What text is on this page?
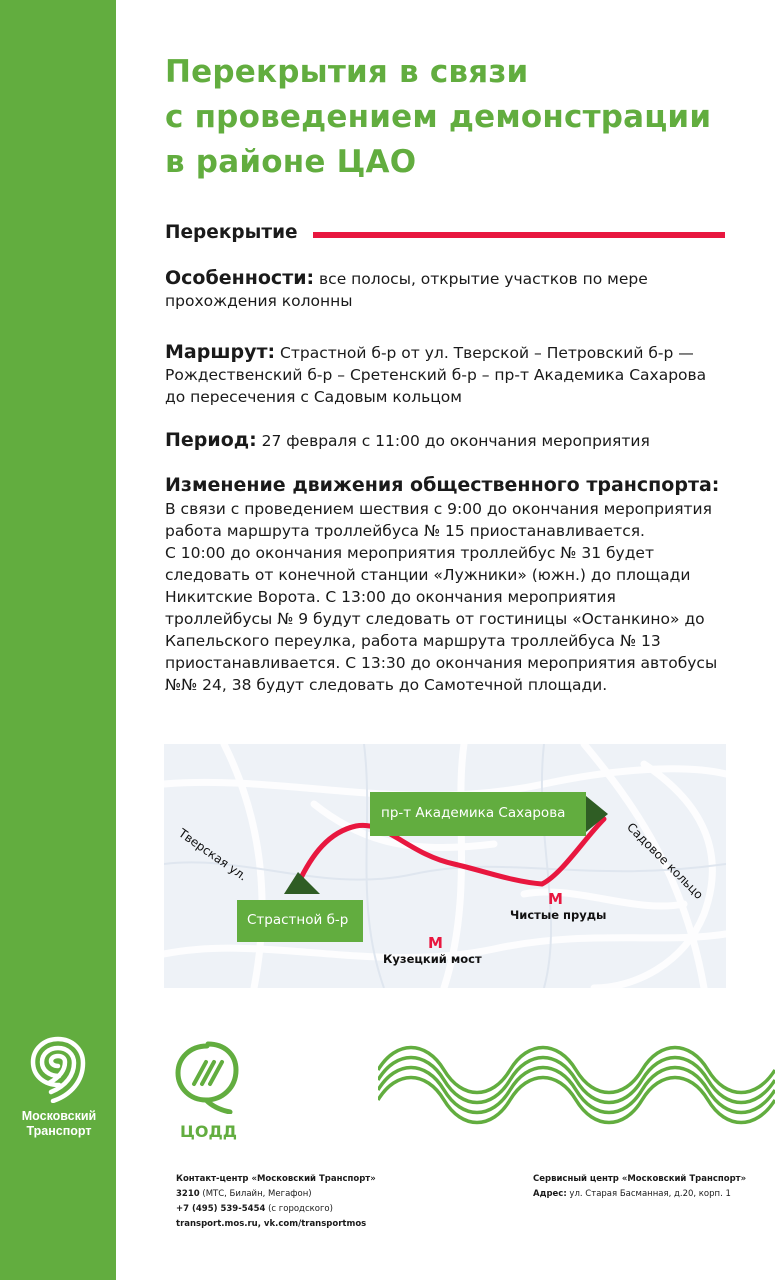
Московский
Транспорт
Перекрытия в связи
с проведением демонстрации
в районе ЦАО
Перекрытие
Особенности: все полосы, открытие участков по мере
прохождения колонны
Маршрут: Страстной б-р от ул. Тверской – Петровский б-р —
Рождественский б-р – Сретенский б-р – пр-т Академика Сахарова
до пересечения с Садовым кольцом
Период: 27 февраля с 11:00 до окончания мероприятия
Изменение движения общественного транспорта:
В связи с проведением шествия с 9:00 до окончания мероприятия
работа маршрута троллейбуса № 15 приостанавливается.
С 10:00 до окончания мероприятия троллейбус № 31 будет
следовать от конечной станции «Лужники» (южн.) до площади
Никитские Ворота. С 13:00 до окончания мероприятия
троллейбусы № 9 будут следовать от гостиницы «Останкино» до
Капельского переулка, работа маршрута троллейбуса № 13
приостанавливается. С 13:30 до окончания мероприятия автобусы
№№ 24, 38 будут следовать до Самотечной площади.
Тверская ул.	Садовое кольцо
Страстной б-р
пр-т Академика Сахарова
М
Кузецкий мост
М
Чистые пруды
ЦОДД
Контакт-центр «Московский Транспорт»
3210 (МТС, Билайн, Мегафон)
+7 (495) 539-5454 (с городского)
transport.mos.ru, vk.com/transportmos
Сервисный центр «Московский Транспорт»
Адрес: ул. Старая Басманная, д.20, корп. 1
